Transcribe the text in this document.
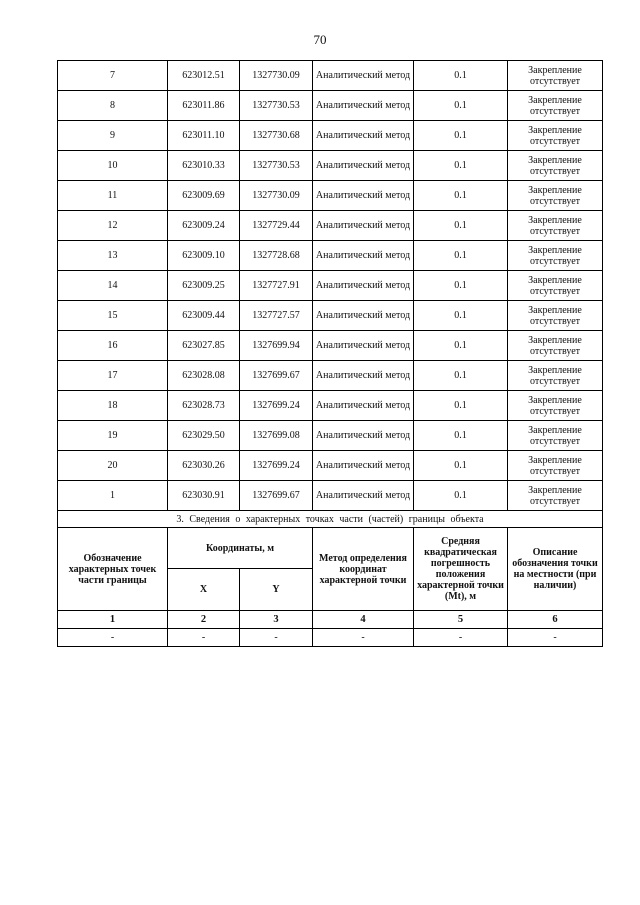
70
7	623012.51	1327730.09	Аналитический метод	0.1	Закрепление отсутствует
8	623011.86	1327730.53	Аналитический метод	0.1	Закрепление отсутствует
9	623011.10	1327730.68	Аналитический метод	0.1	Закрепление отсутствует
10	623010.33	1327730.53	Аналитический метод	0.1	Закрепление отсутствует
11	623009.69	1327730.09	Аналитический метод	0.1	Закрепление отсутствует
12	623009.24	1327729.44	Аналитический метод	0.1	Закрепление отсутствует
13	623009.10	1327728.68	Аналитический метод	0.1	Закрепление отсутствует
14	623009.25	1327727.91	Аналитический метод	0.1	Закрепление отсутствует
15	623009.44	1327727.57	Аналитический метод	0.1	Закрепление отсутствует
16	623027.85	1327699.94	Аналитический метод	0.1	Закрепление отсутствует
17	623028.08	1327699.67	Аналитический метод	0.1	Закрепление отсутствует
18	623028.73	1327699.24	Аналитический метод	0.1	Закрепление отсутствует
19	623029.50	1327699.08	Аналитический метод	0.1	Закрепление отсутствует
20	623030.26	1327699.24	Аналитический метод	0.1	Закрепление отсутствует
1	623030.91	1327699.67	Аналитический метод	0.1	Закрепление отсутствует
3. Сведения о характерных точках части (частей) границы объекта					
Обозначение характерных точек части границы	Координаты, м		Метод определения координат характерной точки	Средняя квадратическая погрешность положения характерной точки (Mt), м	Описание обозначения точки на местности (при наличии)
	X	Y			
1	2	3	4	5	6
-	-	-	-	-	-
